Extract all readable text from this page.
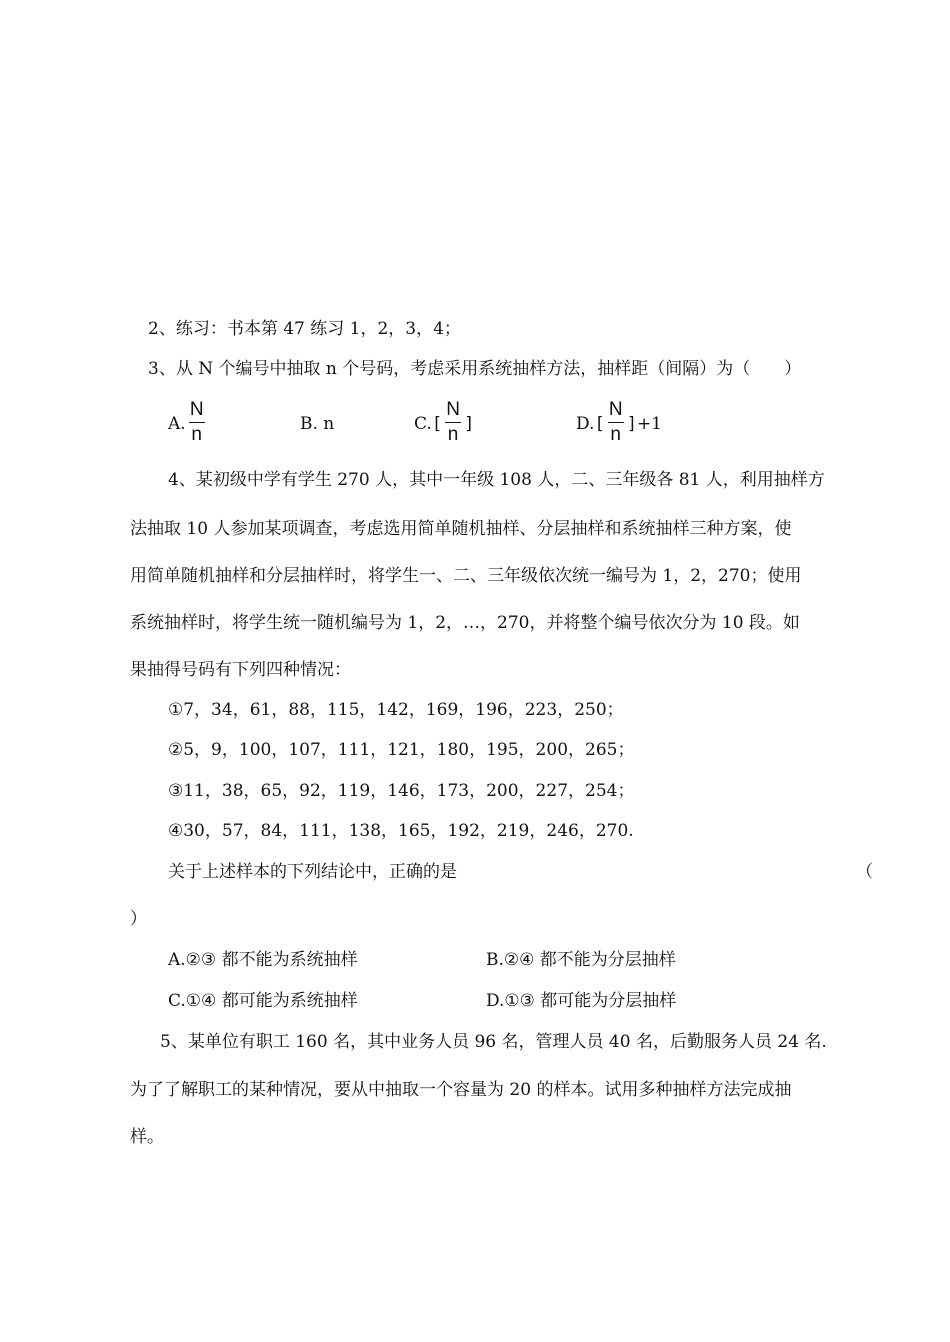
2、练习：书本第 47 练习 1，2，3，4；
3、从 N 个编号中抽取 n 个号码，考虑采用系统抽样方法，抽样距（间隔）为（　　）
A. $\frac{N}{n}$	B. n	C. [ $\frac{N}{n}$ ]	D. [ $\frac{N}{n}$ ] +1
4、某初级中学有学生 270 人，其中一年级 108 人，二、三年级各 81 人，利用抽样方
法抽取 10 人参加某项调查，考虑选用简单随机抽样、分层抽样和系统抽样三种方案，使
用简单随机抽样和分层抽样时，将学生一、二、三年级依次统一编号为 1，2，270；使用
系统抽样时，将学生统一随机编号为 1，2，…，270，并将整个编号依次分为 10 段。如
果抽得号码有下列四种情况：
①7，34，61，88，115，142，169，196，223，250；
②5，9，100，107，111，121，180，195，200，265；
③11，38，65，92，119，146，173，200，227，254；
④30，57，84，111，138，165，192，219，246，270.
关于上述样本的下列结论中，正确的是	（
）
A.②③ 都不能为系统抽样	B.②④ 都不能为分层抽样
C.①④ 都可能为系统抽样	D.①③ 都可能为分层抽样
5、某单位有职工 160 名，其中业务人员 96 名，管理人员 40 名，后勤服务人员 24 名.
为了了解职工的某种情况，要从中抽取一个容量为 20 的样本。试用多种抽样方法完成抽
样。
